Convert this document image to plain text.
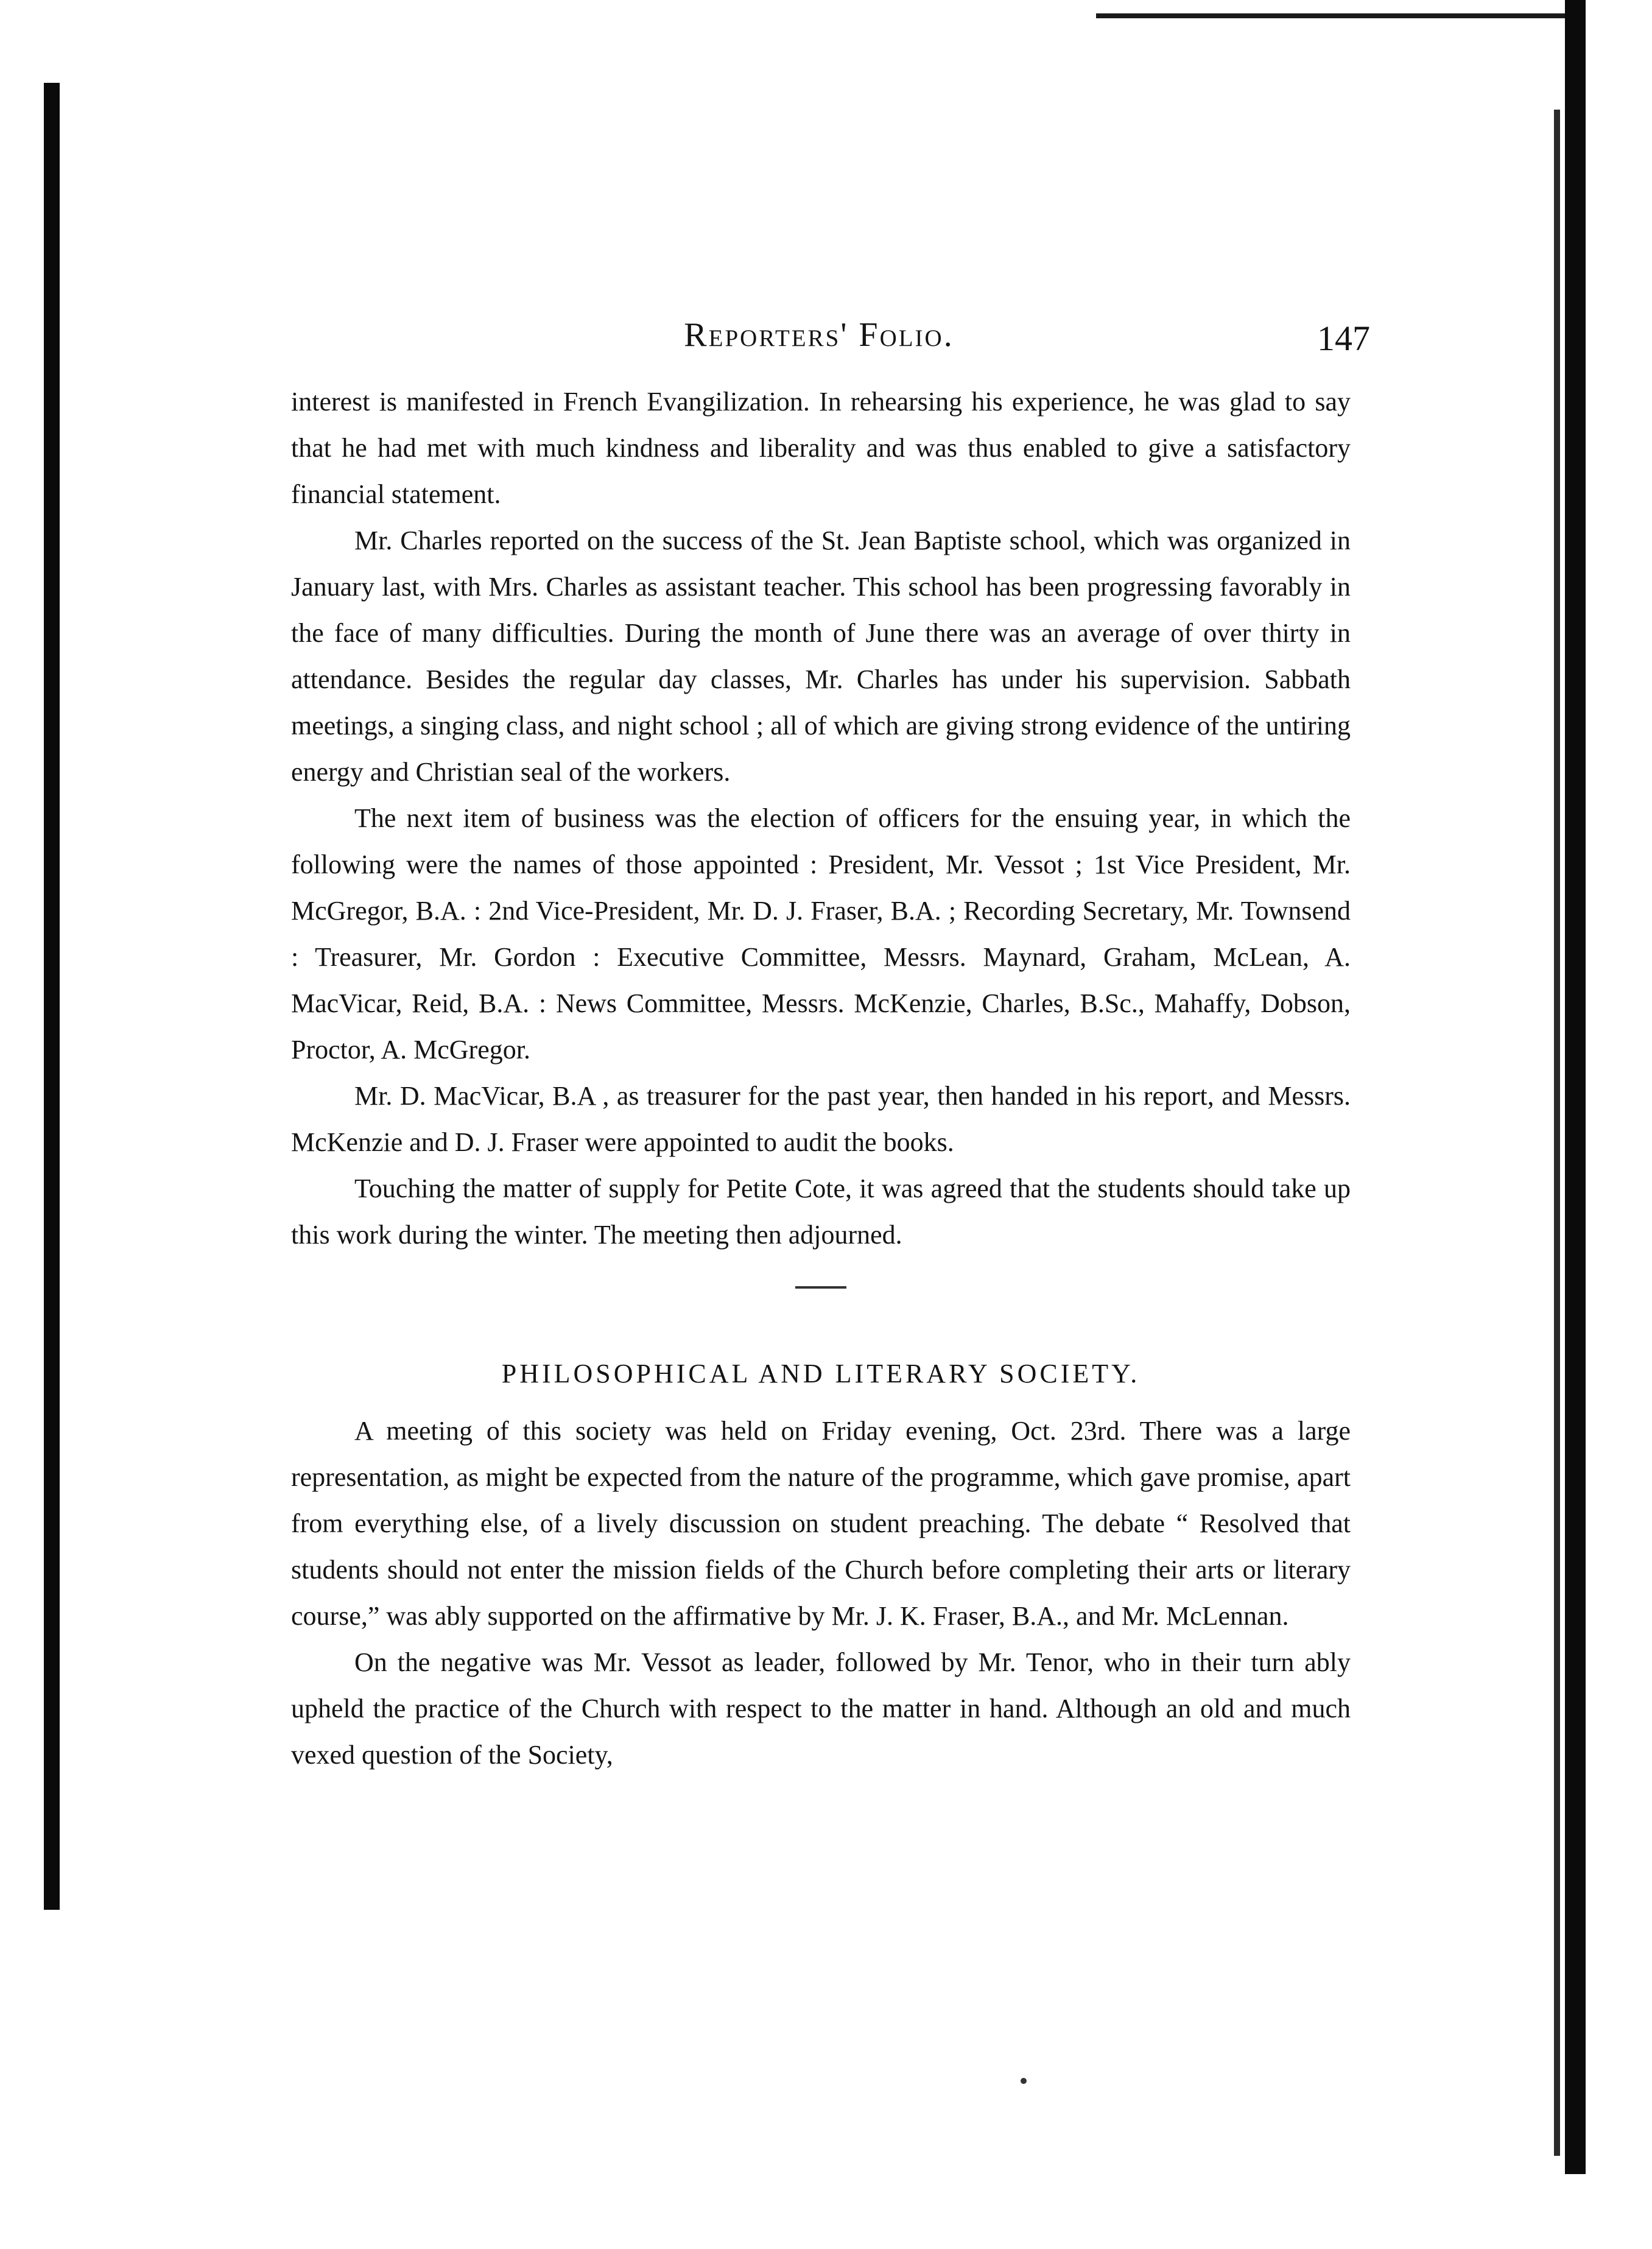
Reporters' Folio.	147

interest is manifested in French Evangilization. In rehearsing his experience, he was glad to say that he had met with much kindness and liberality and was thus enabled to give a satisfactory financial statement.

Mr. Charles reported on the success of the St. Jean Baptiste school, which was organized in January last, with Mrs. Charles as assistant teacher. This school has been progressing favorably in the face of many difficulties. During the month of June there was an average of over thirty in attendance. Besides the regular day classes, Mr. Charles has under his supervision. Sabbath meetings, a singing class, and night school ; all of which are giving strong evidence of the untiring energy and Christian seal of the workers.

The next item of business was the election of officers for the ensuing year, in which the following were the names of those appointed : President, Mr. Vessot ; 1st Vice President, Mr. McGregor, B.A. : 2nd Vice-President, Mr. D. J. Fraser, B.A. ; Recording Secretary, Mr. Townsend : Treasurer, Mr. Gordon : Executive Committee, Messrs. Maynard, Graham, McLean, A. MacVicar, Reid, B.A. : News Committee, Messrs. McKenzie, Charles, B.Sc., Mahaffy, Dobson, Proctor, A. McGregor.

Mr. D. MacVicar, B.A , as treasurer for the past year, then handed in his report, and Messrs. McKenzie and D. J. Fraser were appointed to audit the books.

Touching the matter of supply for Petite Cote, it was agreed that the students should take up this work during the winter. The meeting then adjourned.

PHILOSOPHICAL AND LITERARY SOCIETY.

A meeting of this society was held on Friday evening, Oct. 23rd. There was a large representation, as might be expected from the nature of the programme, which gave promise, apart from everything else, of a lively discussion on student preaching. The debate “ Resolved that students should not enter the mission fields of the Church before completing their arts or literary course,” was ably supported on the affirmative by Mr. J. K. Fraser, B.A., and Mr. McLennan.

On the negative was Mr. Vessot as leader, followed by Mr. Tenor, who in their turn ably upheld the practice of the Church with respect to the matter in hand. Although an old and much vexed question of the Society,
